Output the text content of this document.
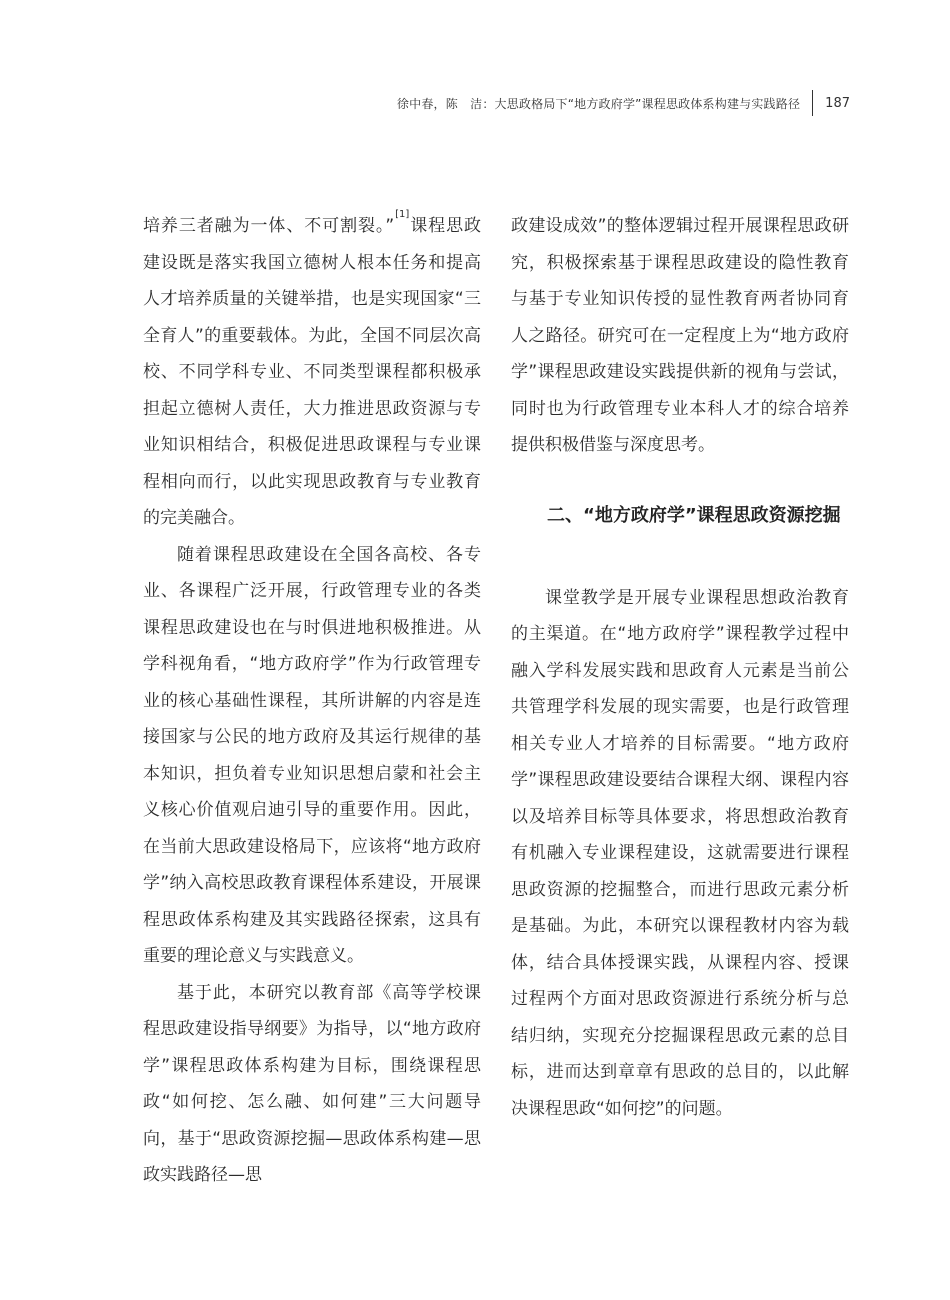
徐中春，陈　洁：大思政格局下“地方政府学”课程思政体系构建与实践路径 187

培养三者融为一体、不可割裂。”[1]课程思政建设既是落实我国立德树人根本任务和提高人才培养质量的关键举措，也是实现国家“三全育人”的重要载体。为此，全国不同层次高校、不同学科专业、不同类型课程都积极承担起立德树人责任，大力推进思政资源与专业知识相结合，积极促进思政课程与专业课程相向而行，以此实现思政教育与专业教育的完美融合。

随着课程思政建设在全国各高校、各专业、各课程广泛开展，行政管理专业的各类课程思政建设也在与时俱进地积极推进。从学科视角看，“地方政府学”作为行政管理专业的核心基础性课程，其所讲解的内容是连接国家与公民的地方政府及其运行规律的基本知识，担负着专业知识思想启蒙和社会主义核心价值观启迪引导的重要作用。因此，在当前大思政建设格局下，应该将“地方政府学”纳入高校思政教育课程体系建设，开展课程思政体系构建及其实践路径探索，这具有重要的理论意义与实践意义。

基于此，本研究以教育部《高等学校课程思政建设指导纲要》为指导，以“地方政府学”课程思政体系构建为目标，围绕课程思政“如何挖、怎么融、如何建”三大问题导向，基于“思政资源挖掘—思政体系构建—思政实践路径—思

政建设成效”的整体逻辑过程开展课程思政研究，积极探索基于课程思政建设的隐性教育与基于专业知识传授的显性教育两者协同育人之路径。研究可在一定程度上为“地方政府学”课程思政建设实践提供新的视角与尝试，同时也为行政管理专业本科人才的综合培养提供积极借鉴与深度思考。

二、“地方政府学”课程思政资源挖掘

课堂教学是开展专业课程思想政治教育的主渠道。在“地方政府学”课程教学过程中融入学科发展实践和思政育人元素是当前公共管理学科发展的现实需要，也是行政管理相关专业人才培养的目标需要。“地方政府学”课程思政建设要结合课程大纲、课程内容以及培养目标等具体要求，将思想政治教育有机融入专业课程建设，这就需要进行课程思政资源的挖掘整合，而进行思政元素分析是基础。为此，本研究以课程教材内容为载体，结合具体授课实践，从课程内容、授课过程两个方面对思政资源进行系统分析与总结归纳，实现充分挖掘课程思政元素的总目标，进而达到章章有思政的总目的，以此解决课程思政“如何挖”的问题。
